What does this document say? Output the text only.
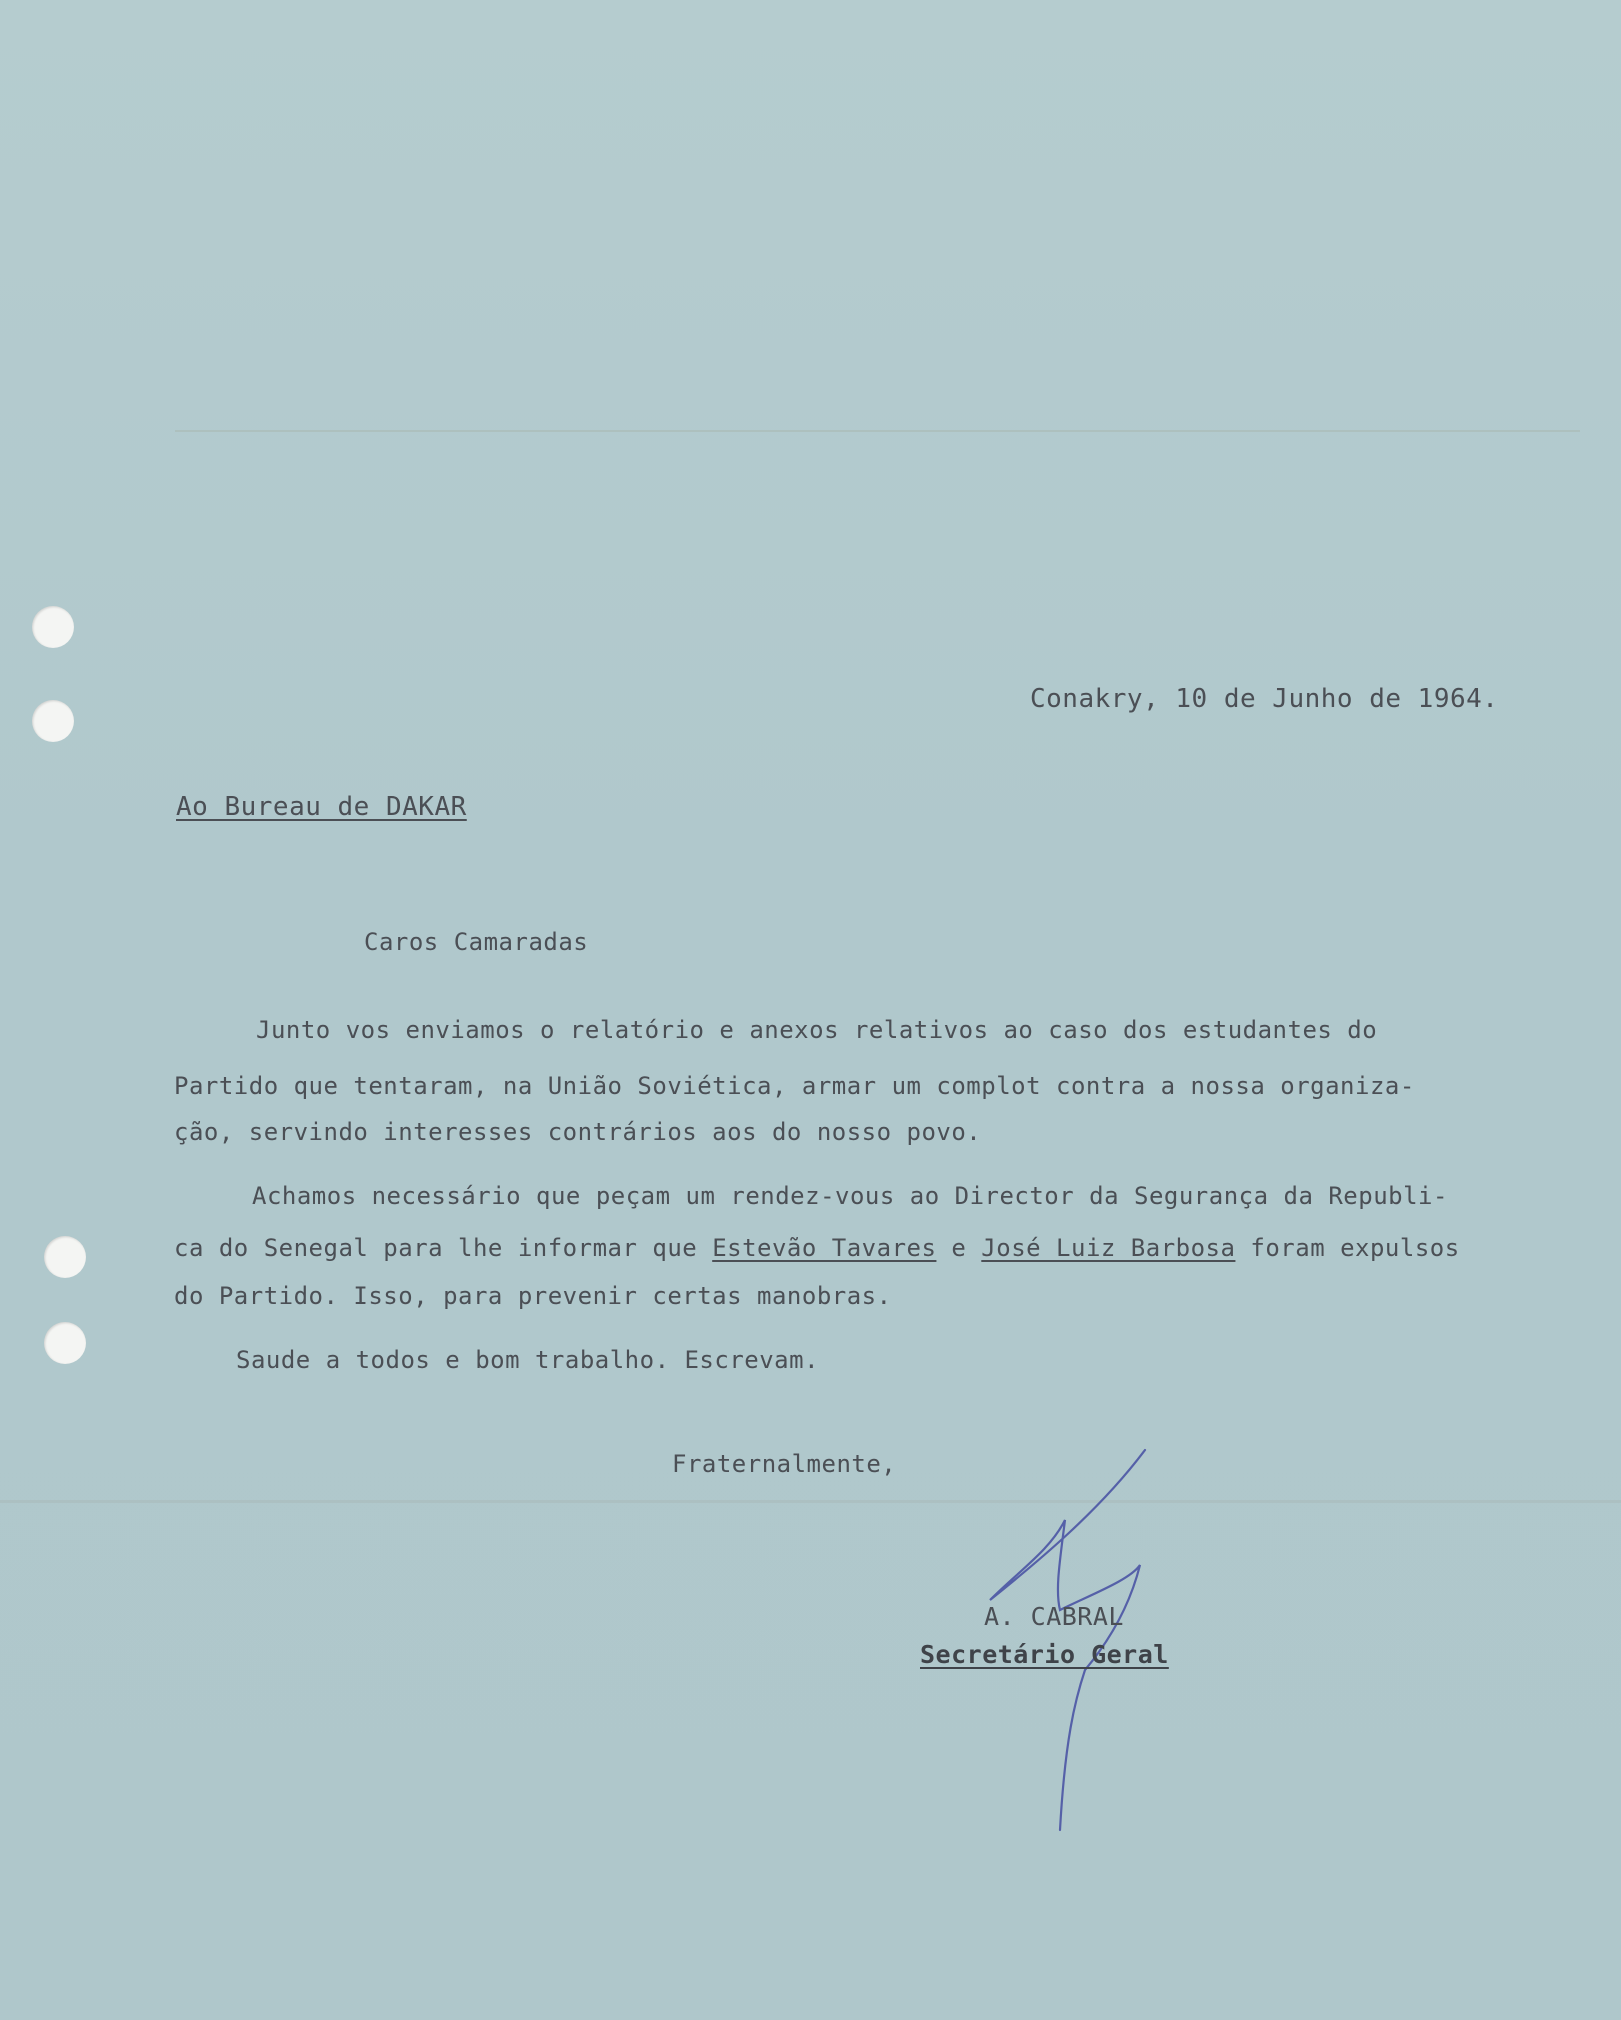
Conakry, 10 de Junho de 1964.
Ao Bureau de DAKAR
Caros Camaradas
Junto vos enviamos o relatório e anexos relativos ao caso dos estudantes do
Partido que tentaram, na União Soviética, armar um complot contra a nossa organiza-
ção, servindo interesses contrários aos do nosso povo.
Achamos necessário que peçam um rendez-vous ao Director da Segurança da Republi-
ca do Senegal para lhe informar que Estevão Tavares e José Luiz Barbosa foram expulsos
do Partido. Isso, para prevenir certas manobras.
Saude a todos e bom trabalho. Escrevam.
Fraternalmente,
A. CABRAL
Secretário Geral
